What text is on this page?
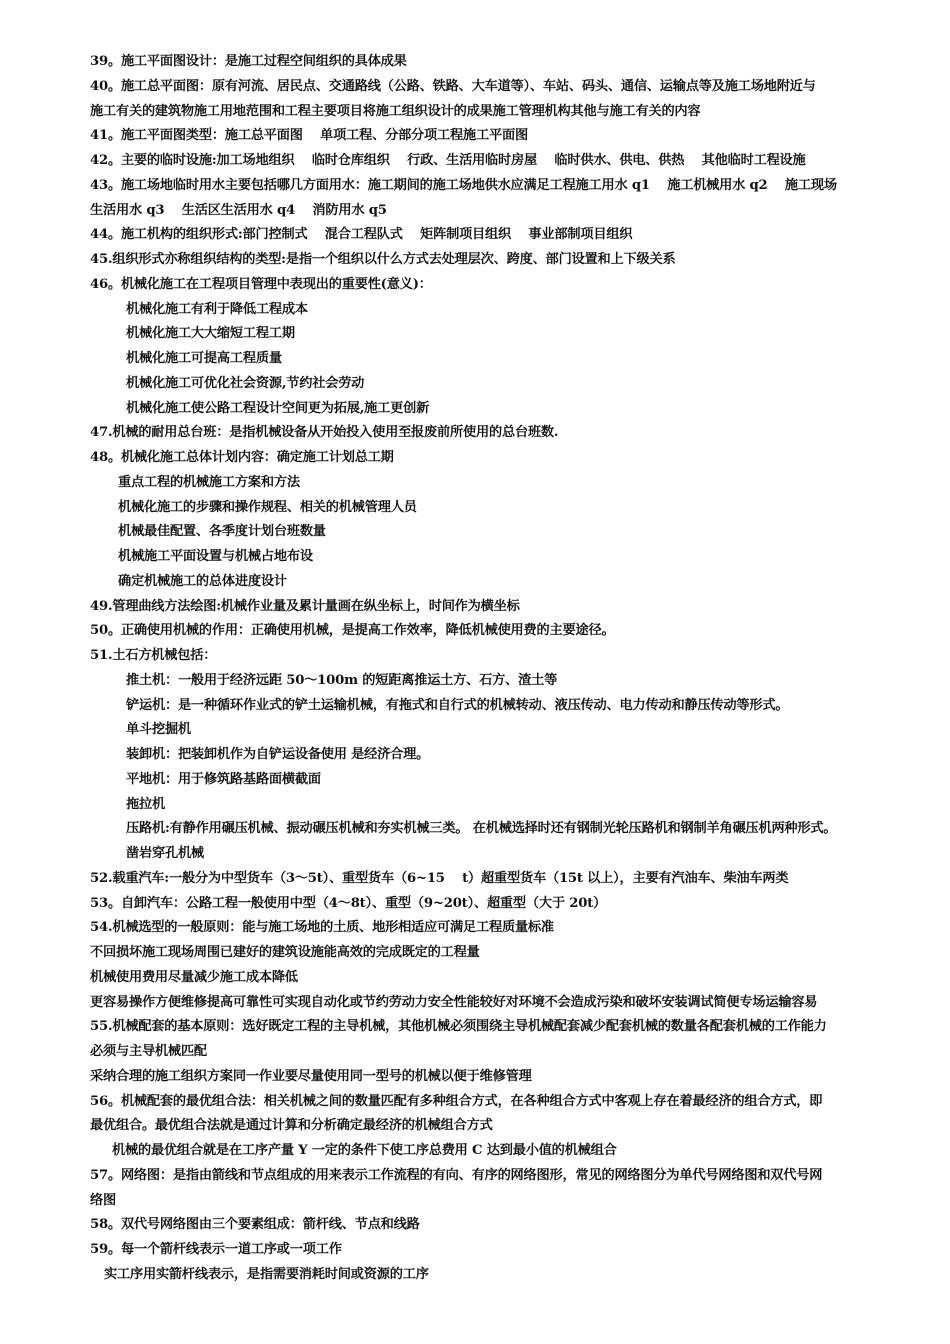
39。施工平面图设计：是施工过程空间组织的具体成果
40。施工总平面图：原有河流、居民点、交通路线（公路、铁路、大车道等）、车站、码头、通信、运输点等及施工场地附近与
施工有关的建筑物施工用地范围和工程主要项目将施工组织设计的成果施工管理机构其他与施工有关的内容
41。施工平面图类型：施工总平面图　 单项工程、分部分项工程施工平面图
42。主要的临时设施:加工场地组织　 临时仓库组织　 行政、生活用临时房屋　 临时供水、供电、供热　 其他临时工程设施
43。施工场地临时用水主要包括哪几方面用水：施工期间的施工场地供水应满足工程施工用水 q1　 施工机械用水 q2　 施工现场
生活用水 q3　 生活区生活用水 q4　 消防用水 q5
44。施工机构的组织形式:部门控制式　 混合工程队式　 矩阵制项目组织　 事业部制项目组织
45.组织形式亦称组织结构的类型:是指一个组织以什么方式去处理层次、跨度、部门设置和上下级关系
46。机械化施工在工程项目管理中表现出的重要性(意义)：
机械化施工有利于降低工程成本
机械化施工大大缩短工程工期
机械化施工可提高工程质量
机械化施工可优化社会资源,节约社会劳动
机械化施工使公路工程设计空间更为拓展,施工更创新
47.机械的耐用总台班：是指机械设备从开始投入使用至报废前所使用的总台班数.
48。机械化施工总体计划内容：确定施工计划总工期
重点工程的机械施工方案和方法
机械化施工的步骤和操作规程、相关的机械管理人员
机械最佳配置、各季度计划台班数量
机械施工平面设置与机械占地布设
确定机械施工的总体进度设计
49.管理曲线方法绘图:机械作业量及累计量画在纵坐标上，时间作为横坐标
50。正确使用机械的作用：正确使用机械，是提高工作效率，降低机械使用费的主要途径。
51.土石方机械包括：
推土机：一般用于经济远距 50～100m 的短距离推运土方、石方、渣土等
铲运机：是一种循环作业式的铲土运输机械，有拖式和自行式的机械转动、液压传动、电力传动和静压传动等形式。
单斗挖掘机
装卸机：把装卸机作为自铲运设备使用 是经济合理。
平地机：用于修筑路基路面横截面
拖拉机
压路机:有静作用碾压机械、振动碾压机械和夯实机械三类。 在机械选择时还有钢制光轮压路机和钢制羊角碾压机两种形式。
凿岩穿孔机械
52.载重汽车:一般分为中型货车（3～5t）、重型货车（6~15　 t）超重型货车（15t 以上），主要有汽油车、柴油车两类
53。自卸汽车：公路工程一般使用中型（4～8t）、重型（9~20t）、超重型（大于 20t）
54.机械选型的一般原则：能与施工场地的土质、地形相适应可满足工程质量标准
不回损坏施工现场周围已建好的建筑设施能高效的完成既定的工程量
机械使用费用尽量减少施工成本降低
更容易操作方便维修提高可靠性可实现自动化或节约劳动力安全性能较好对环境不会造成污染和破坏安装调试简便专场运输容易
55.机械配套的基本原则：选好既定工程的主导机械，其他机械必须围绕主导机械配套减少配套机械的数量各配套机械的工作能力
必须与主导机械匹配
采纳合理的施工组织方案同一作业要尽量使用同一型号的机械以便于维修管理
56。机械配套的最优组合法：相关机械之间的数量匹配有多种组合方式，在各种组合方式中客观上存在着最经济的组合方式，即
最优组合。最优组合法就是通过计算和分析确定最经济的机械组合方式
机械的最优组合就是在工序产量 Y 一定的条件下使工序总费用 C 达到最小值的机械组合
57。网络图：是指由箭线和节点组成的用来表示工作流程的有向、有序的网络图形，常见的网络图分为单代号网络图和双代号网
络图
58。双代号网络图由三个要素组成：箭杆线、节点和线路
59。每一个箭杆线表示一道工序或一项工作
实工序用实箭杆线表示，是指需要消耗时间或资源的工序
